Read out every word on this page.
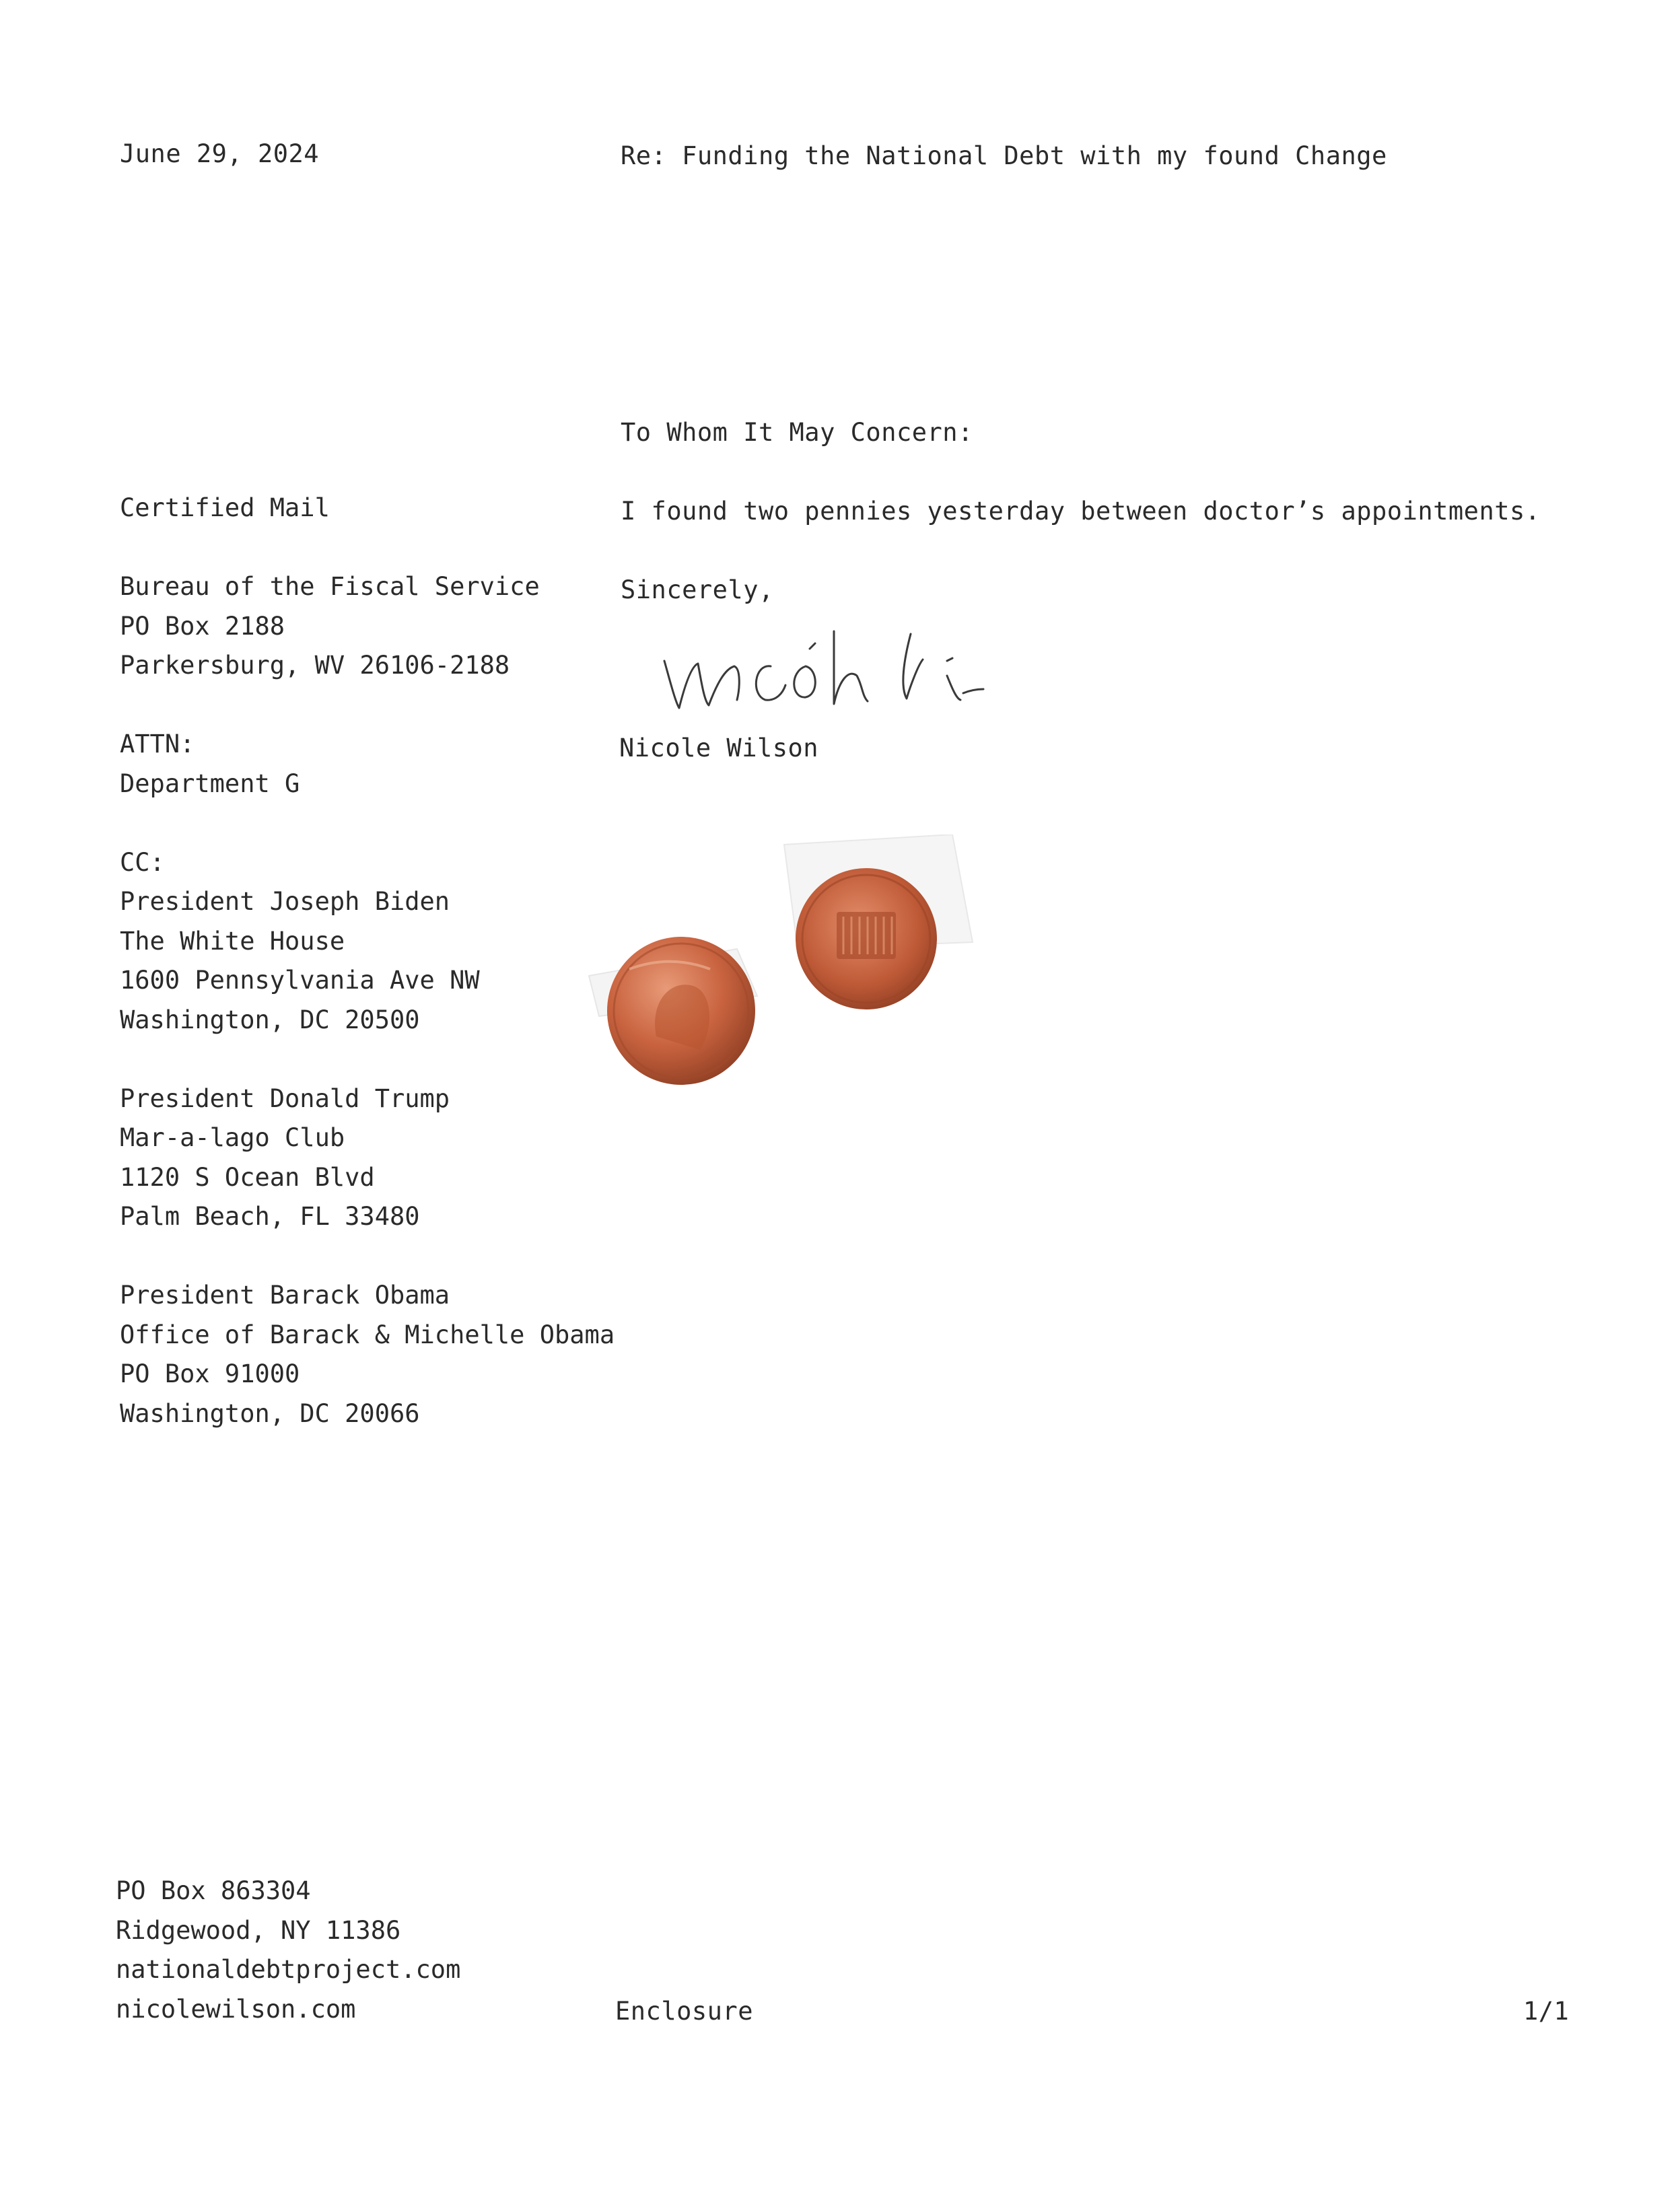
June 29, 2024	Re: Funding the National Debt with my found Change
To Whom It May Concern:
I found two pennies yesterday between doctor’s appointments.
Sincerely,
Nicole Wilson
Certified Mail
Bureau of the Fiscal Service
PO Box 2188
Parkersburg, WV 26106-2188
ATTN:
Department G
CC:
President Joseph Biden
The White House
1600 Pennsylvania Ave NW
Washington, DC 20500
President Donald Trump
Mar-a-lago Club
1120 S Ocean Blvd
Palm Beach, FL 33480
President Barack Obama
Office of Barack & Michelle Obama
PO Box 91000
Washington, DC 20066
PO Box 863304
Ridgewood, NY 11386
nationaldebtproject.com
nicolewilson.com	Enclosure	1/1
